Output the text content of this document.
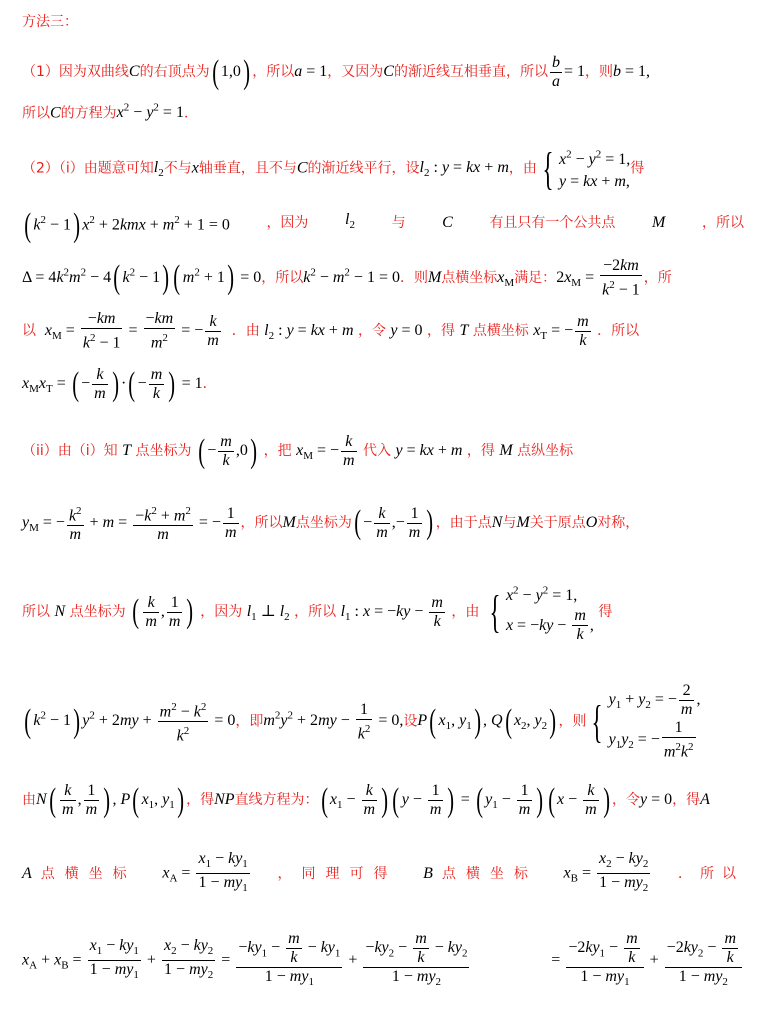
方法三：
（1）因为双曲线C的右顶点为( 1,0) ，所以a = 1，又因为C的渐近线互相垂直，所以 $\frac{b}{a} = 1$，则b = 1,
所以C的方程为$x^2 - y^2 = 1$．
（2）（i）由题意可知$l_2$不与x轴垂直，且不与C的渐近线平行，设$l_2$ : y = kx + m，由 { $x^2 - y^2 = 1$,
y = kx + m,得
( $k^2 - 1$) $x^2 + 2kmx + m^2 + 1 = 0$	，因为 $l_2$	与 C	有且只有一个公共点 M	，所以
$\Delta = 4k^2m^2 - 4$( $k^2 - 1$) ( $m^2 + 1) = 0$，所以$k^2 - m^2 - 1 = 0$．则M点横坐标$x_M$满足：$2x_M = \frac{-2km}{k^2 - 1}$ ，所
以 $x_M = \frac{-km}{k^2 - 1} = \frac{-km}{m^2}$ = − $\frac{k}{m}$ ．由 $l_2$ : y = kx + m ，令 y = 0 ，得 T 点横坐标 $x_T$ = − $\frac{m}{k}$ ．所以
$x_Mx_T$ = ( − $\frac{k}{m}$ ) ·( − $\frac{m}{k}$ ) = 1．
（ii）由（i）知 T 点坐标为 ( − $\frac{m}{k} ,0$) ，把 $x_M$ = − $\frac{k}{m}$ 代入 y = kx + m ，得 M 点纵坐标
$y_M$ = − $\frac{k^2}{m} + m = \frac{-k^2 + m^2}{m}$ = − $\frac{1}{m}$ ，所以M点坐标为( − $\frac{k}{m}$ ,− $\frac{1}{m}$ ) ，由于点N与M关于原点O对称，
所以 N 点坐标为 ( $\frac{k}{m}$ , $\frac{1}{m}$ ) ，因为 $l_1$ ⊥ $l_2$ ，所以 $l_1$ : $x = -ky - \frac{m}{k}$ ，由 { $x^2 - y^2 = 1$,
$x = -ky - \frac{m}{k}$ , 得
( $k^2 - 1$) $y^2 + 2my + \frac{m^2 - k^2}{k^2} = 0$，即$m^2y^2 + 2my - \frac{1}{k^2} = 0$,设P( $x_1$, $y_1$) , Q( $x_2$, $y_2$) ，则 { $y_1 + y_2$ = − $\frac{2}{m}$ ,
$y_1y_2$ = − $\frac{1}{m^2k^2}$
由$N( \frac{k}{m}$ , $\frac{1}{m}$ ) , P( $x_1$, $y_1$) ，得NP直线方程为：( $x_1 - \frac{k}{m}$ ) ( $y - \frac{1}{m}$ ) = ( $y_1 - \frac{1}{m}$ ) ( $x - \frac{k}{m}$ ) ，令y = 0，得A
A 点横坐标 $x_A = \frac{x_1 - ky_1}{1 - my_1}$ ，同理可得 B 点横坐标 $x_B = \frac{x_2 - ky_2}{1 - my_2}$ ．所以
$x_A + x_B = \frac{x_1 - ky_1}{1 - my_1} + \frac{x_2 - ky_2}{1 - my_2} = \frac{-ky_1 - \frac{m}{k} - ky_1}{1 - my_1} + \frac{-ky_2 - \frac{m}{k} - ky_2}{1 - my_2}$	= $\frac{-2ky_1 - \frac{m}{k}}{1 - my_1} + \frac{-2ky_2 - \frac{m}{k}}{1 - my_2}$
